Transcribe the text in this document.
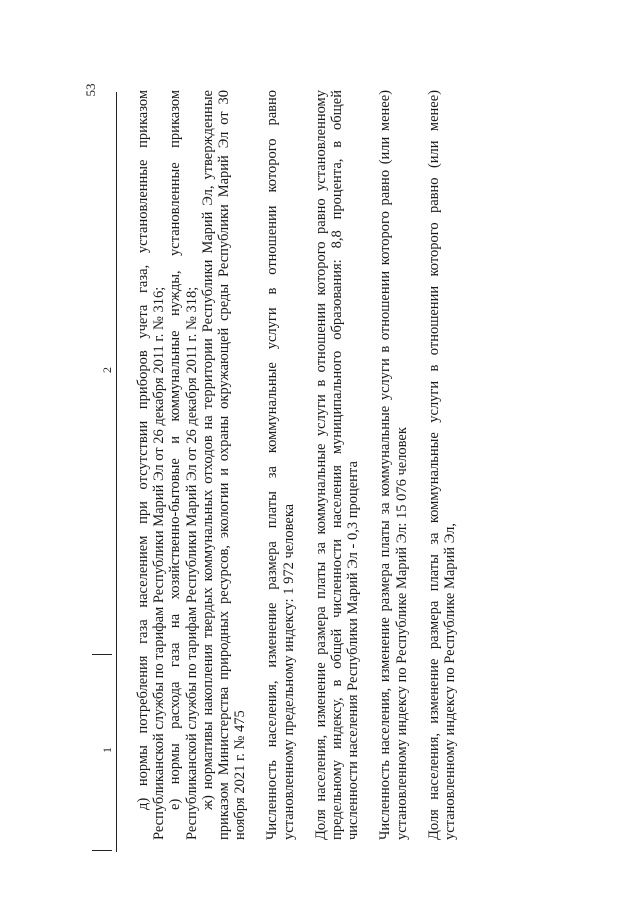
53
1
2 д) нормы потребления газа населением при отсутствии приборов учета газа, установленные приказом Республиканской службы по тарифам Республики Марий Эл от 26 декабря 2011 г. № 316; е) нормы расхода газа на хозяйственно-бытовые и коммунальные нужды, установленные приказом Республиканской службы по тарифам Республики Марий Эл от 26 декабря 2011 г. № 318; ж) нормативы накопления твердых коммунальных отходов на территории Республики Марий Эл, утвержденные приказом Министерства природных ресурсов, экологии и охраны окружающей среды Республики Марий Эл от 30 ноября 2021 г. № 475 Численность населения, изменение размера платы за коммунальные услуги в отношении которого равно установленному предельному индексу: 1 972 человека Доля населения, изменение размера платы за коммунальные услуги в отношении которого равно установленному предельному индексу, в общей численности населения муниципального образования: 8,8 процента, в общей численности населения Республики Марий Эл - 0,3 процента Численность населения, изменение размера платы за коммунальные услуги в отношении которого равно (или менее) установленному индексу по Республике Марий Эл: 15 076 человек Доля населения, изменение размера платы за коммунальные услуги в отношении которого равно (или менее) установленному индексу по Республике Марий Эл,
